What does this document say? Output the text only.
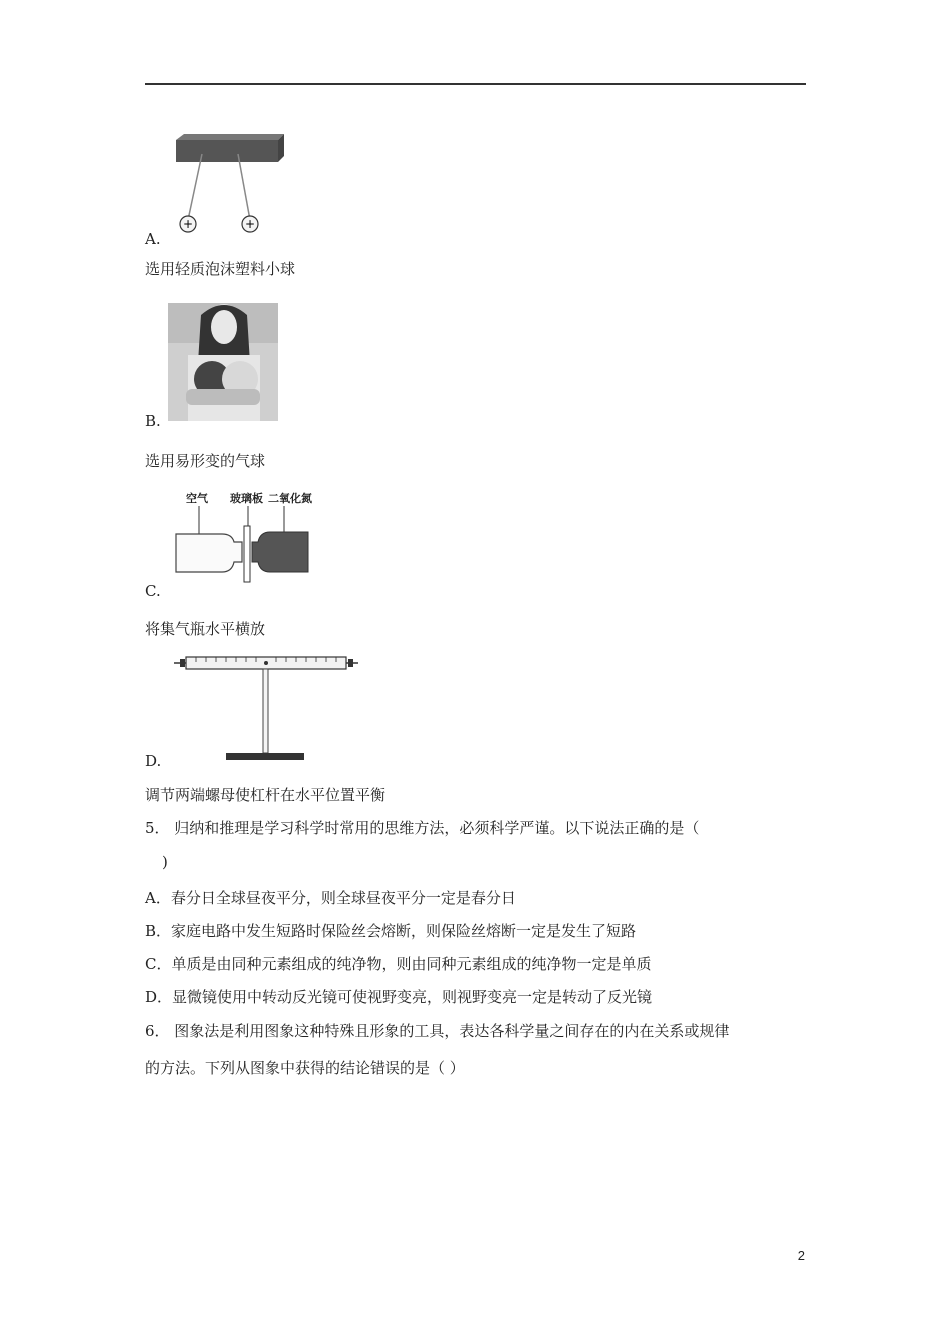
+	+
A.
选用轻质泡沫塑料小球
B.
选用易形变的气球
空气 玻璃板 二氧化氮
C.
将集气瓶水平横放
D.
调节两端螺母使杠杆在水平位置平衡
5． 归纳和推理是学习科学时常用的思维方法，必须科学严谨。以下说法正确的是（
)
A．春分日全球昼夜平分，则全球昼夜平分一定是春分日
B．家庭电路中发生短路时保险丝会熔断，则保险丝熔断一定是发生了短路
C．单质是由同种元素组成的纯净物，则由同种元素组成的纯净物一定是单质
D．显微镜使用中转动反光镜可使视野变亮，则视野变亮一定是转动了反光镜
6． 图象法是利用图象这种特殊且形象的工具，表达各科学量之间存在的内在关系或规律
的方法。下列从图象中获得的结论错误的是（ ）
2
